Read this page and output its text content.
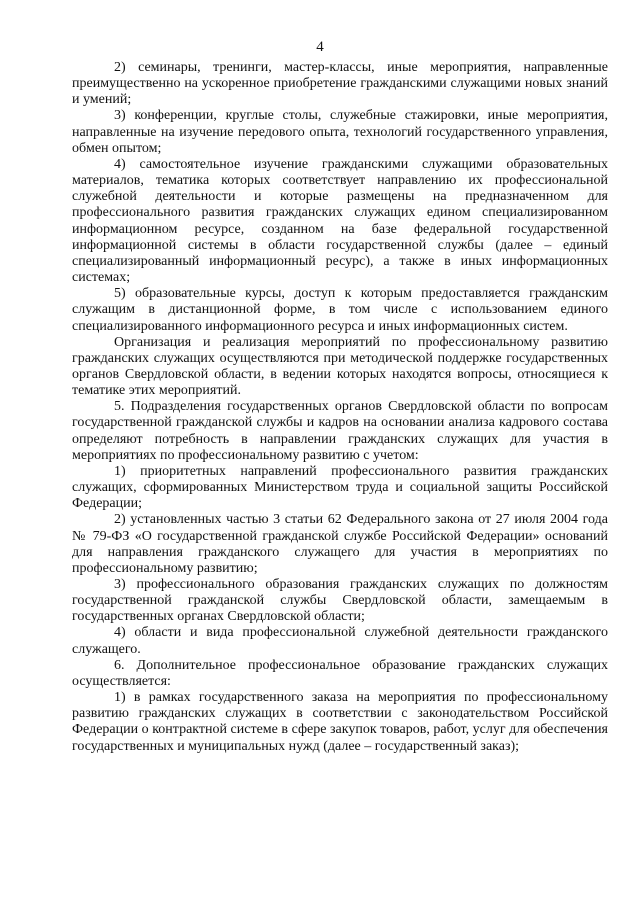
4

2) семинары, тренинги, мастер-классы, иные мероприятия, направленные преимущественно на ускоренное приобретение гражданскими служащими новых знаний и умений;

3) конференции, круглые столы, служебные стажировки, иные мероприятия, направленные на изучение передового опыта, технологий государственного управления, обмен опытом;

4) самостоятельное изучение гражданскими служащими образовательных материалов, тематика которых соответствует направлению их профессиональной служебной деятельности и которые размещены на предназначенном для профессионального развития гражданских служащих едином специализированном информационном ресурсе, созданном на базе федеральной государственной информационной системы в области государственной службы (далее – единый специализированный информационный ресурс), а также в иных информационных системах;

5) образовательные курсы, доступ к которым предоставляется гражданским служащим в дистанционной форме, в том числе с использованием единого специализированного информационного ресурса и иных информационных систем.

Организация и реализация мероприятий по профессиональному развитию гражданских служащих осуществляются при методической поддержке государственных органов Свердловской области, в ведении которых находятся вопросы, относящиеся к тематике этих мероприятий.

5. Подразделения государственных органов Свердловской области по вопросам государственной гражданской службы и кадров на основании анализа кадрового состава определяют потребность в направлении гражданских служащих для участия в мероприятиях по профессиональному развитию с учетом:

1) приоритетных направлений профессионального развития гражданских служащих, сформированных Министерством труда и социальной защиты Российской Федерации;

2) установленных частью 3 статьи 62 Федерального закона от 27 июля 2004 года № 79-ФЗ «О государственной гражданской службе Российской Федерации» оснований для направления гражданского служащего для участия в мероприятиях по профессиональному развитию;

3) профессионального образования гражданских служащих по должностям государственной гражданской службы Свердловской области, замещаемым в государственных органах Свердловской области;

4) области и вида профессиональной служебной деятельности гражданского служащего.

6. Дополнительное профессиональное образование гражданских служащих осуществляется:

1) в рамках государственного заказа на мероприятия по профессиональному развитию гражданских служащих в соответствии с законодательством Российской Федерации о контрактной системе в сфере закупок товаров, работ, услуг для обеспечения государственных и муниципальных нужд (далее – государственный заказ);
